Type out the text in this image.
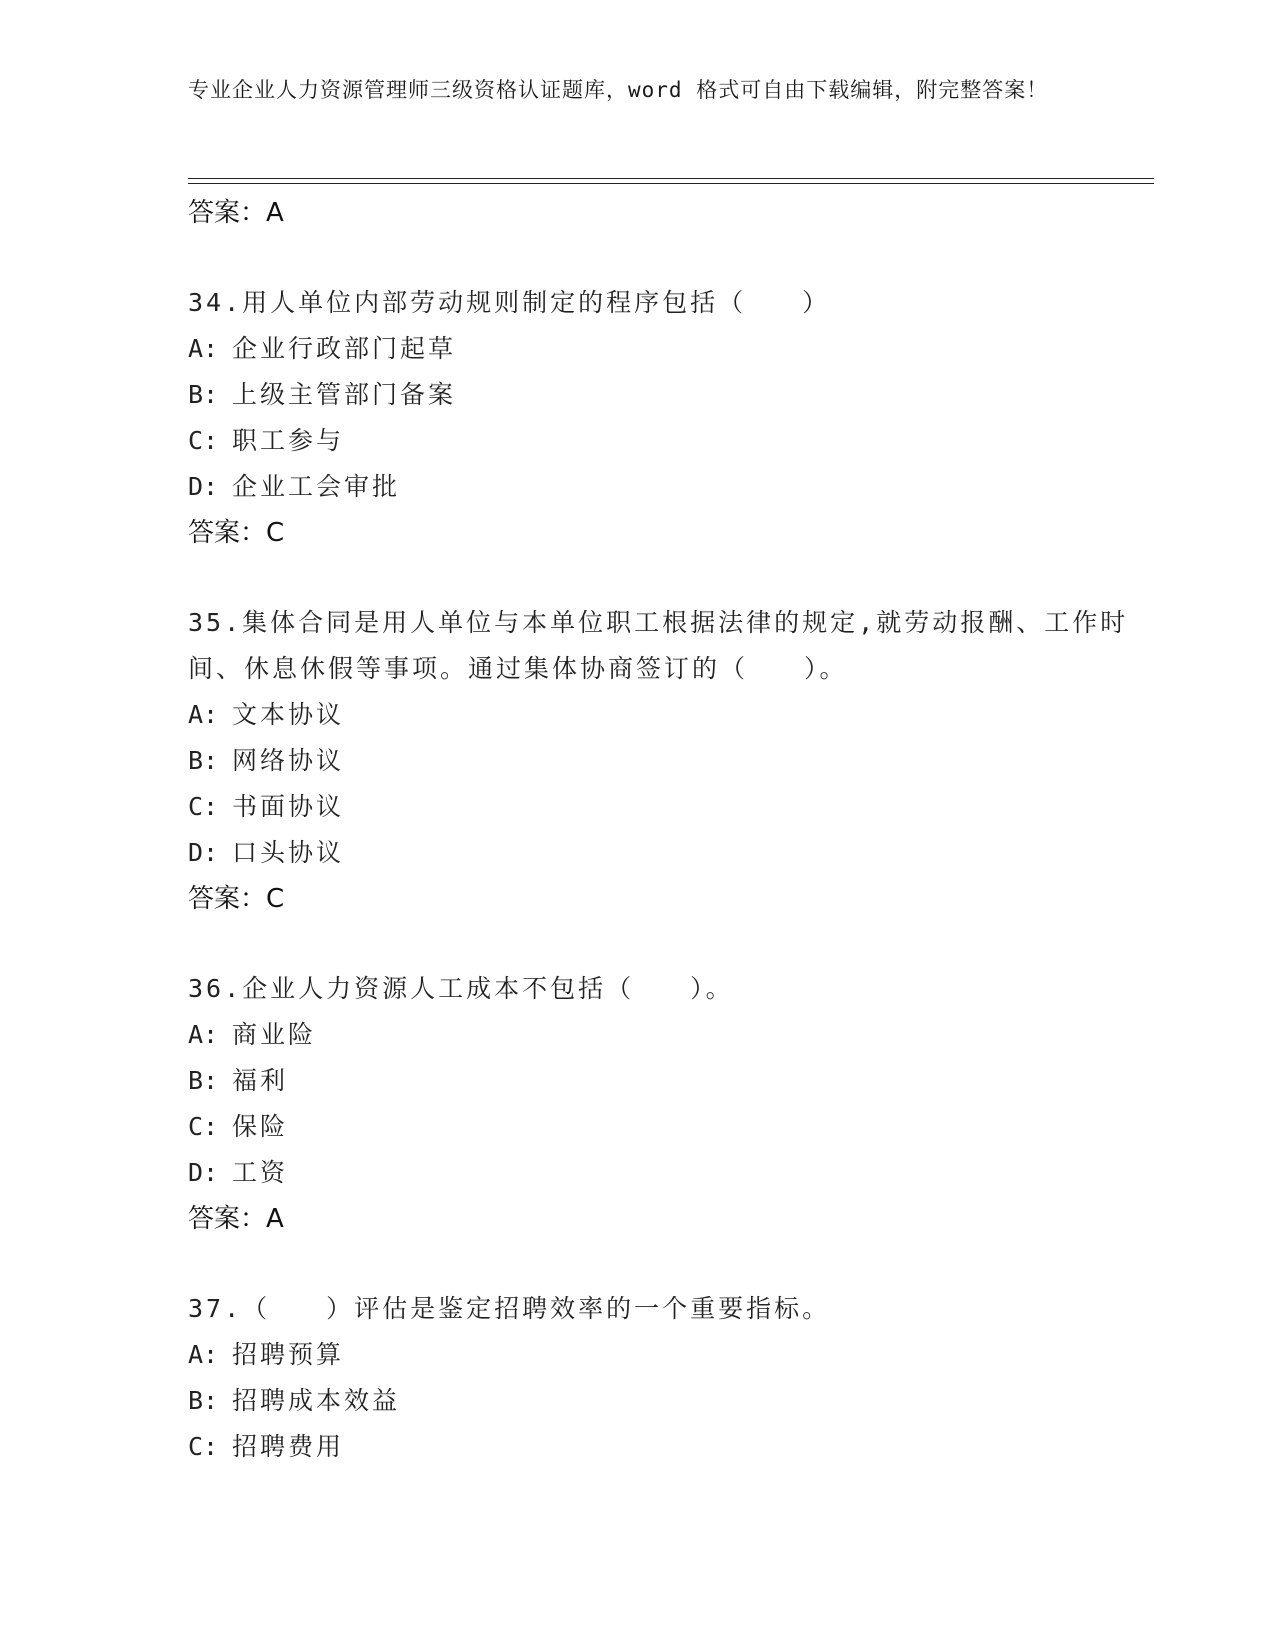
专业企业人力资源管理师三级资格认证题库，word 格式可自由下载编辑，附完整答案！
答案：A
34.用人单位内部劳动规则制定的程序包括（　　）
A: 企业行政部门起草
B: 上级主管部门备案
C: 职工参与
D: 企业工会审批
答案：C
35.集体合同是用人单位与本单位职工根据法律的规定,就劳动报酬、工作时间、休息休假等事项。通过集体协商签订的（　　）。
A: 文本协议
B: 网络协议
C: 书面协议
D: 口头协议
答案：C
36.企业人力资源人工成本不包括（　　）。
A: 商业险
B: 福利
C: 保险
D: 工资
答案：A
37.（　　）评估是鉴定招聘效率的一个重要指标。
A: 招聘预算
B: 招聘成本效益
C: 招聘费用
